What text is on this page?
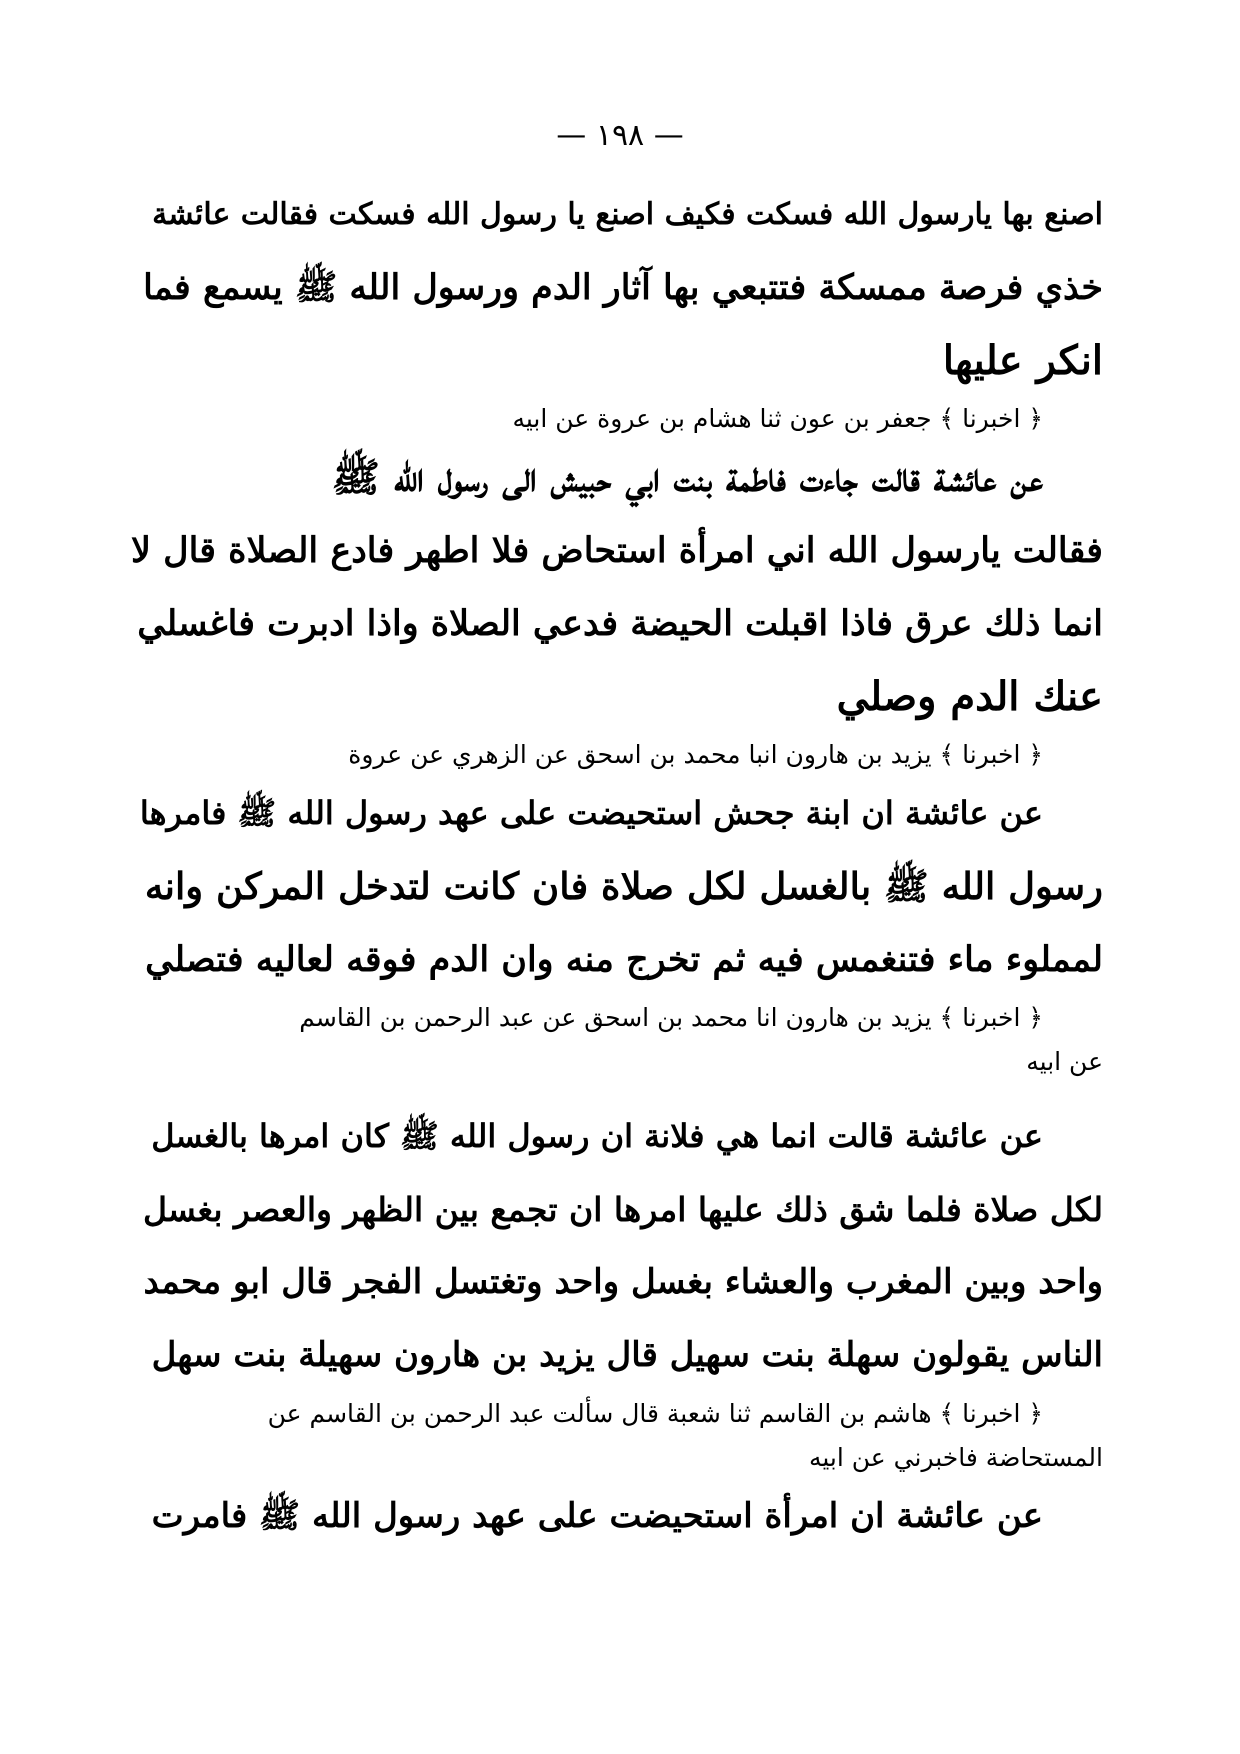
— ١٩٨ —
اصنع بها يارسول الله فسكت فكيف اصنع يا رسول الله فسكت فقالت عائشة
خذي فرصة ممسكة فتتبعي بها آثار الدم ورسول الله ﷺ يسمع فما
انكر عليها
﴿ اخبرنا ﴾ جعفر بن عون ثنا هشام بن عروة عن ابيه
عن عائشة قالت جاءت فاطمة بنت ابي حبيش الى رسول الله ﷺ
فقالت يارسول الله اني امرأة استحاض فلا اطهر فادع الصلاة قال لا
انما ذلك عرق فاذا اقبلت الحيضة فدعي الصلاة واذا ادبرت فاغسلي
عنك الدم وصلي
﴿ اخبرنا ﴾ يزيد بن هارون انبا محمد بن اسحق عن الزهري عن عروة
عن عائشة ان ابنة جحش استحيضت على عهد رسول الله ﷺ فامرها
رسول الله ﷺ بالغسل لكل صلاة فان كانت لتدخل المركن وانه
لمملوء ماء فتنغمس فيه ثم تخرج منه وان الدم فوقه لعاليه فتصلي
﴿ اخبرنا ﴾ يزيد بن هارون انا محمد بن اسحق عن عبد الرحمن بن القاسم
عن ابيه
عن عائشة قالت انما هي فلانة ان رسول الله ﷺ كان امرها بالغسل
لكل صلاة فلما شق ذلك عليها امرها ان تجمع بين الظهر والعصر بغسل
واحد وبين المغرب والعشاء بغسل واحد وتغتسل الفجر قال ابو محمد
الناس يقولون سهلة بنت سهيل قال يزيد بن هارون سهيلة بنت سهل
﴿ اخبرنا ﴾ هاشم بن القاسم ثنا شعبة قال سألت عبد الرحمن بن القاسم عن
المستحاضة فاخبرني عن ابيه
عن عائشة ان امرأة استحيضت على عهد رسول الله ﷺ فامرت
